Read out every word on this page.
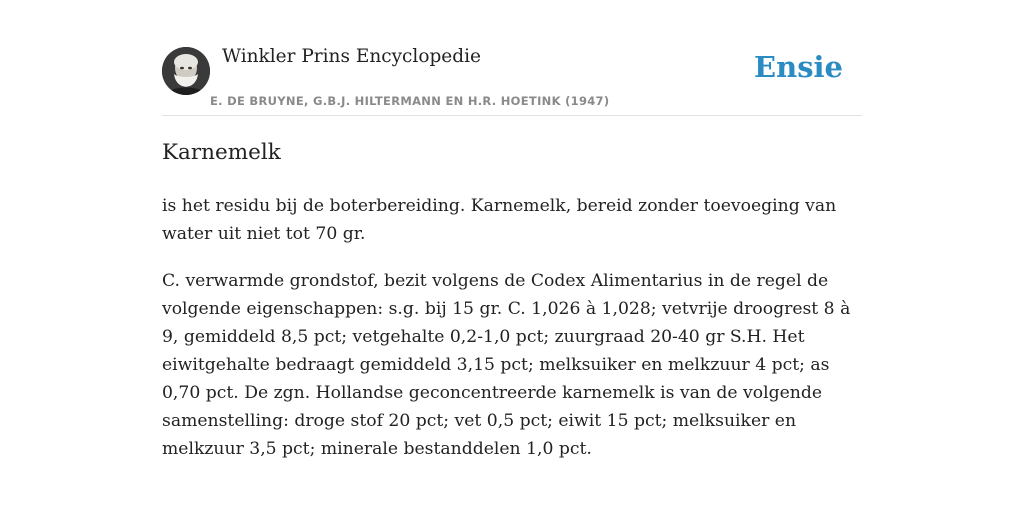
Winkler Prins Encyclopedie
E. DE BRUYNE, G.B.J. HILTERMANN EN H.R. HOETINK (1947)
Ensie
Karnemelk

is het residu bij de boterbereiding. Karnemelk, bereid zonder toevoeging van water uit niet tot 70 gr.

C. verwarmde grondstof, bezit volgens de Codex Alimentarius in de regel de volgende eigenschappen: s.g. bij 15 gr. C. 1,026 à 1,028; vetvrije droogrest 8 à 9, gemiddeld 8,5 pct; vetgehalte 0,2-1,0 pct; zuurgraad 20-40 gr S.H. Het eiwitgehalte bedraagt gemiddeld 3,15 pct; melksuiker en melkzuur 4 pct; as 0,70 pct. De zgn. Hollandse geconcentreerde karnemelk is van de volgende samenstelling: droge stof 20 pct; vet 0,5 pct; eiwit 15 pct; melksuiker en melkzuur 3,5 pct; minerale bestanddelen 1,0 pct.
